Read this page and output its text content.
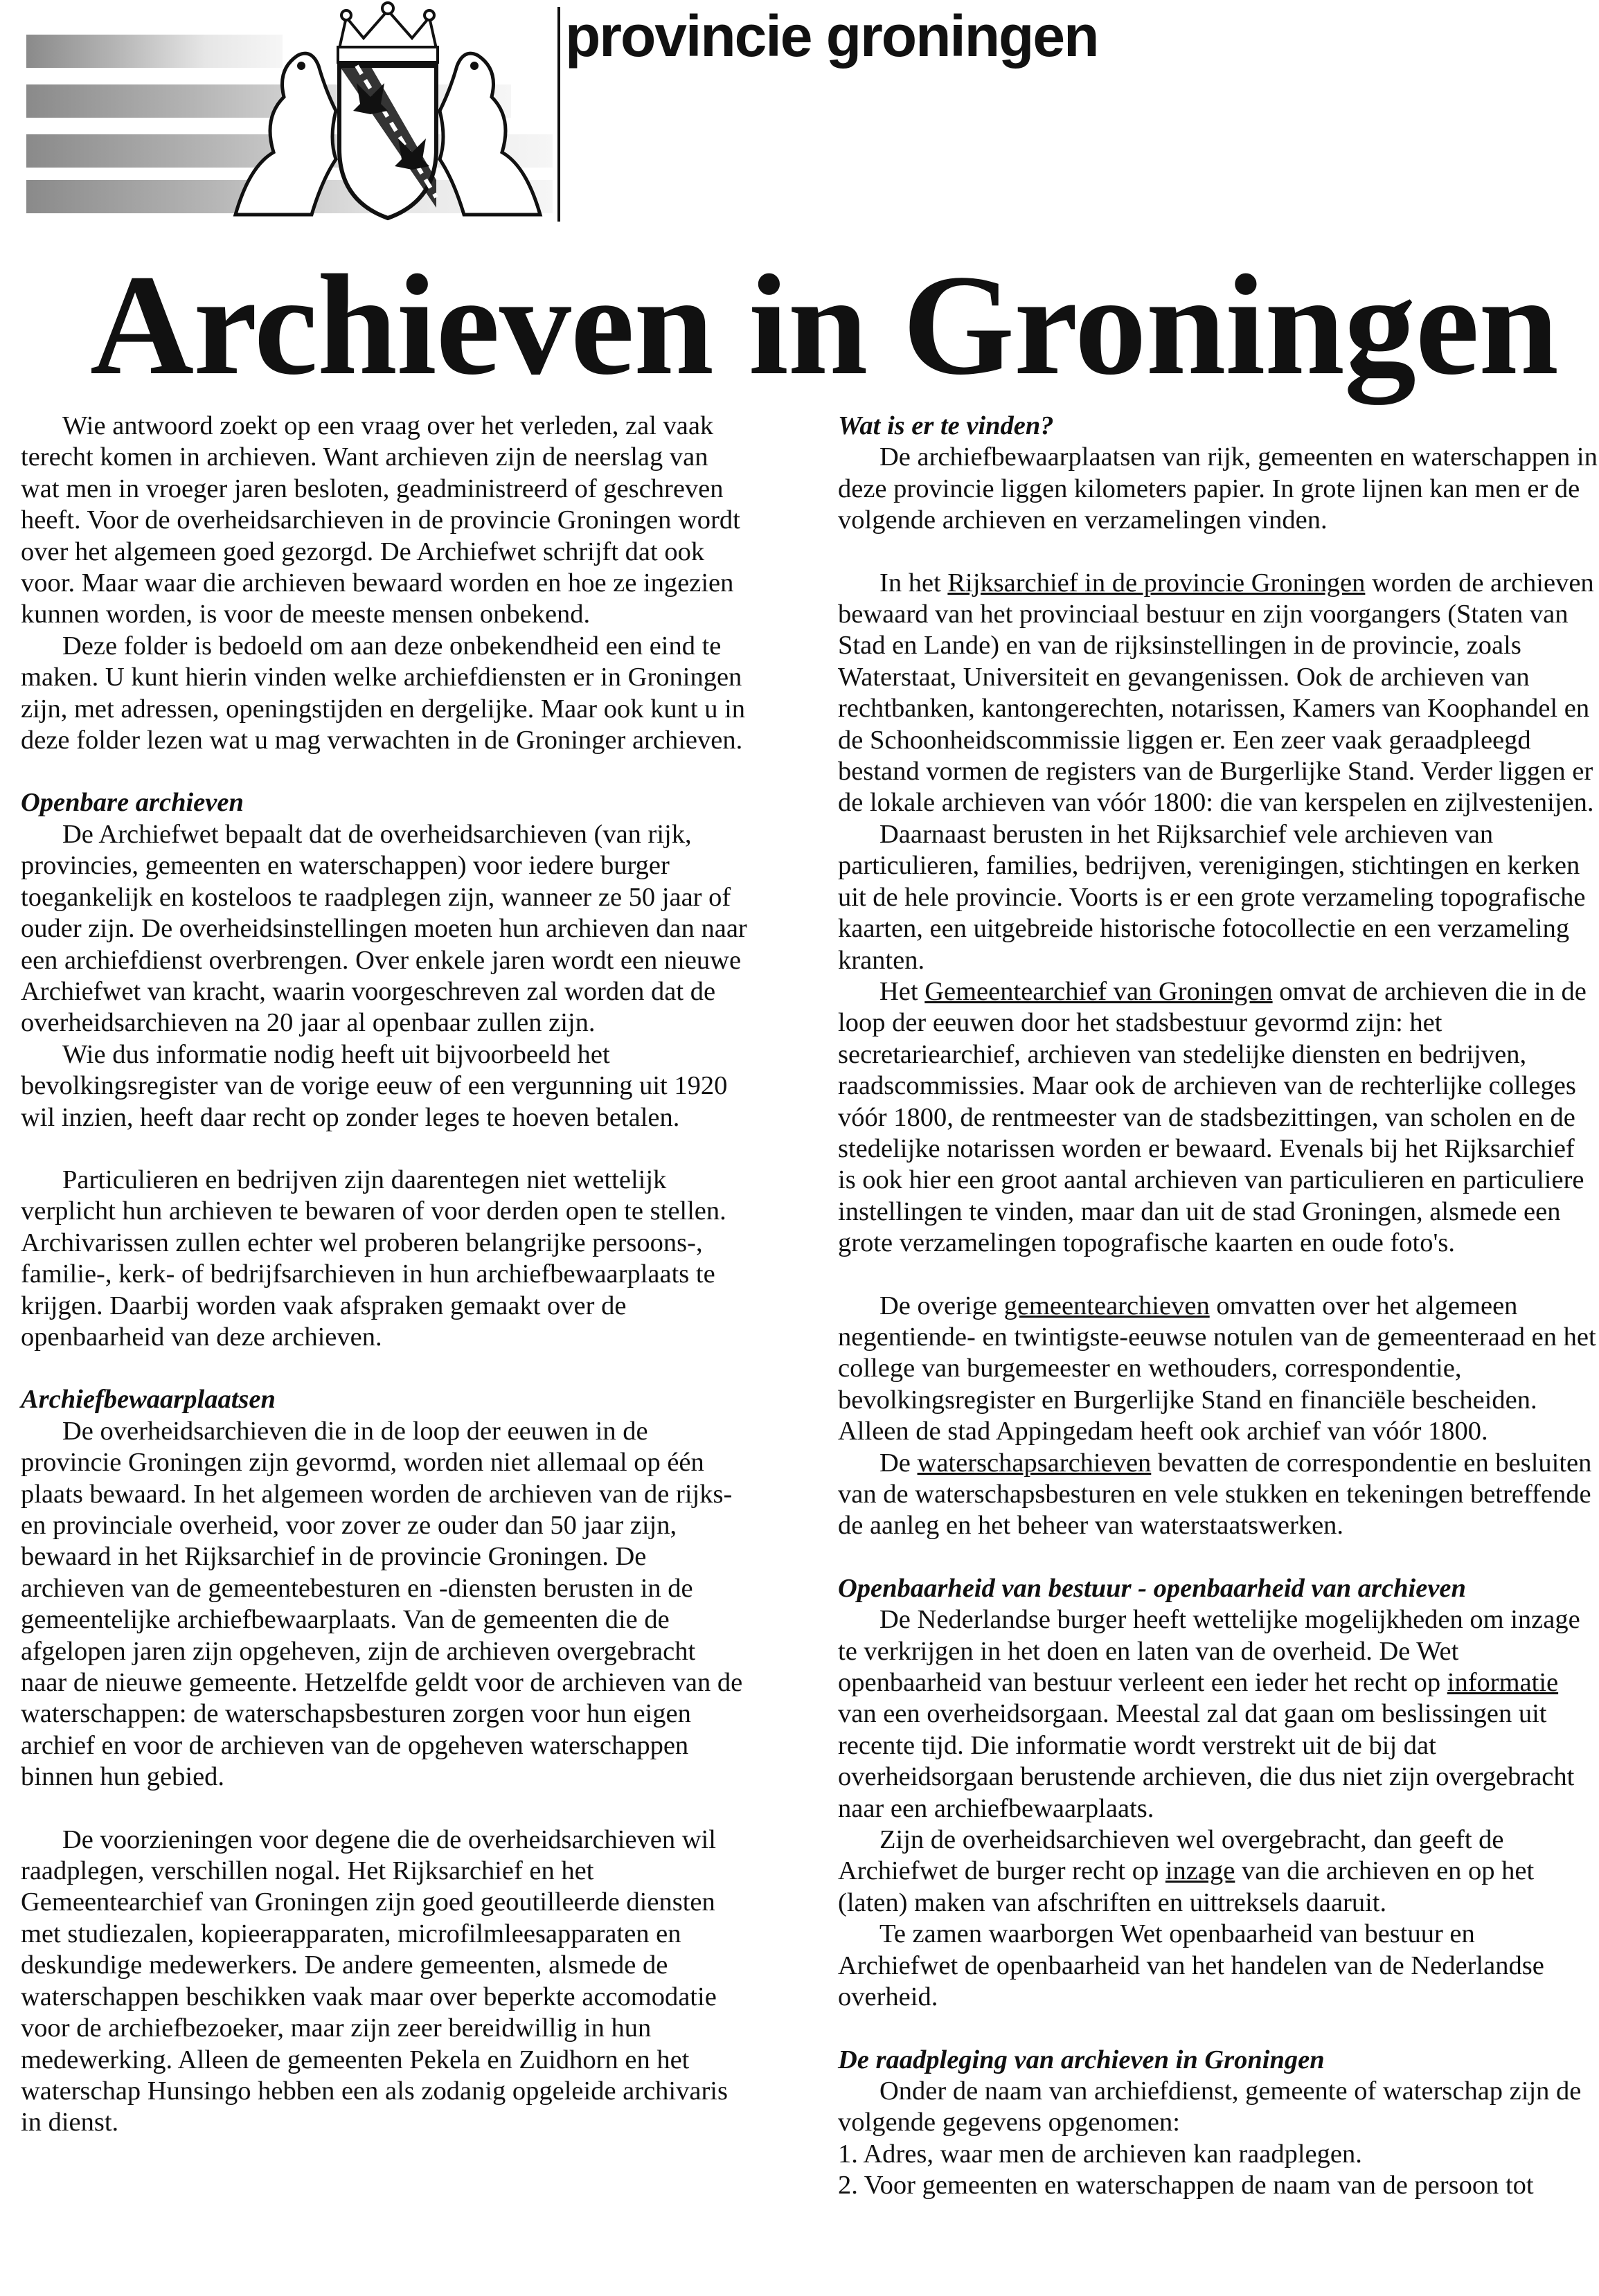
provincie groningen
Archieven in Groningen

Wie antwoord zoekt op een vraag over het verleden, zal vaak terecht komen in archieven. Want archieven zijn de neerslag van wat men in vroeger jaren besloten, geadministreerd of geschreven heeft. Voor de overheidsarchieven in de provincie Groningen wordt over het algemeen goed gezorgd. De Archiefwet schrijft dat ook voor. Maar waar die archieven bewaard worden en hoe ze ingezien kunnen worden, is voor de meeste mensen onbekend.

Deze folder is bedoeld om aan deze onbekendheid een eind te maken. U kunt hierin vinden welke archiefdiensten er in Groningen zijn, met adressen, openingstijden en dergelijke. Maar ook kunt u in deze folder lezen wat u mag verwachten in de Groninger archieven.

Openbare archieven

De Archiefwet bepaalt dat de overheidsarchieven (van rijk, provincies, gemeenten en waterschappen) voor iedere burger toegankelijk en kosteloos te raadplegen zijn, wanneer ze 50 jaar of ouder zijn. De overheidsinstellingen moeten hun archieven dan naar een archiefdienst overbrengen. Over enkele jaren wordt een nieuwe Archiefwet van kracht, waarin voorgeschreven zal worden dat de overheidsarchieven na 20 jaar al openbaar zullen zijn.

Wie dus informatie nodig heeft uit bijvoorbeeld het bevolkingsregister van de vorige eeuw of een vergunning uit 1920 wil inzien, heeft daar recht op zonder leges te hoeven betalen.

Particulieren en bedrijven zijn daarentegen niet wettelijk verplicht hun archieven te bewaren of voor derden open te stellen. Archivarissen zullen echter wel proberen belangrijke persoons-, familie-, kerk- of bedrijfsarchieven in hun archiefbewaarplaats te krijgen. Daarbij worden vaak afspraken gemaakt over de openbaarheid van deze archieven.

Archiefbewaarplaatsen

De overheidsarchieven die in de loop der eeuwen in de provincie Groningen zijn gevormd, worden niet allemaal op één plaats bewaard. In het algemeen worden de archieven van de rijks- en provinciale overheid, voor zover ze ouder dan 50 jaar zijn, bewaard in het Rijksarchief in de provincie Groningen. De archieven van de gemeentebesturen en -diensten berusten in de gemeentelijke archiefbewaarplaats. Van de gemeenten die de afgelopen jaren zijn opgeheven, zijn de archieven overgebracht naar de nieuwe gemeente. Hetzelfde geldt voor de archieven van de waterschappen: de waterschapsbesturen zorgen voor hun eigen archief en voor de archieven van de opgeheven waterschappen binnen hun gebied.

De voorzieningen voor degene die de overheidsarchieven wil raadplegen, verschillen nogal. Het Rijksarchief en het Gemeentearchief van Groningen zijn goed geoutilleerde diensten met studiezalen, kopieerapparaten, microfilmleesapparaten en deskundige medewerkers. De andere gemeenten, alsmede de waterschappen beschikken vaak maar over beperkte accomodatie voor de archiefbezoeker, maar zijn zeer bereidwillig in hun medewerking. Alleen de gemeenten Pekela en Zuidhorn en het waterschap Hunsingo hebben een als zodanig opgeleide archivaris in dienst.

Wat is er te vinden?

De archiefbewaarplaatsen van rijk, gemeenten en waterschappen in deze provincie liggen kilometers papier. In grote lijnen kan men er de volgende archieven en verzamelingen vinden.

In het Rijksarchief in de provincie Groningen worden de archieven bewaard van het provinciaal bestuur en zijn voorgangers (Staten van Stad en Lande) en van de rijksinstellingen in de provincie, zoals Waterstaat, Universiteit en gevangenissen. Ook de archieven van rechtbanken, kantongerechten, notarissen, Kamers van Koophandel en de Schoonheidscommissie liggen er. Een zeer vaak geraadpleegd bestand vormen de registers van de Burgerlijke Stand. Verder liggen er de lokale archieven van vóór 1800: die van kerspelen en zijlvestenijen.

Daarnaast berusten in het Rijksarchief vele archieven van particulieren, families, bedrijven, verenigingen, stichtingen en kerken uit de hele provincie. Voorts is er een grote verzameling topografische kaarten, een uitgebreide historische fotocollectie en een verzameling kranten.

Het Gemeentearchief van Groningen omvat de archieven die in de loop der eeuwen door het stadsbestuur gevormd zijn: het secretariearchief, archieven van stedelijke diensten en bedrijven, raadscommissies. Maar ook de archieven van de rechterlijke colleges vóór 1800, de rentmeester van de stadsbezittingen, van scholen en de stedelijke notarissen worden er bewaard. Evenals bij het Rijksarchief is ook hier een groot aantal archieven van particulieren en particuliere instellingen te vinden, maar dan uit de stad Groningen, alsmede een grote verzamelingen topografische kaarten en oude foto's.

De overige gemeentearchieven omvatten over het algemeen negentiende- en twintigste-eeuwse notulen van de gemeenteraad en het college van burgemeester en wethouders, correspondentie, bevolkingsregister en Burgerlijke Stand en financiële bescheiden. Alleen de stad Appingedam heeft ook archief van vóór 1800.

De waterschapsarchieven bevatten de correspondentie en besluiten van de waterschapsbesturen en vele stukken en tekeningen betreffende de aanleg en het beheer van waterstaatswerken.

Openbaarheid van bestuur - openbaarheid van archieven

De Nederlandse burger heeft wettelijke mogelijkheden om inzage te verkrijgen in het doen en laten van de overheid. De Wet openbaarheid van bestuur verleent een ieder het recht op informatie van een overheidsorgaan. Meestal zal dat gaan om beslissingen uit recente tijd. Die informatie wordt verstrekt uit de bij dat overheidsorgaan berustende archieven, die dus niet zijn overgebracht naar een archiefbewaarplaats.

Zijn de overheidsarchieven wel overgebracht, dan geeft de Archiefwet de burger recht op inzage van die archieven en op het (laten) maken van afschriften en uittreksels daaruit.

Te zamen waarborgen Wet openbaarheid van bestuur en Archiefwet de openbaarheid van het handelen van de Nederlandse overheid.

De raadpleging van archieven in Groningen

Onder de naam van archiefdienst, gemeente of waterschap zijn de volgende gegevens opgenomen:

1. Adres, waar men de archieven kan raadplegen.

2. Voor gemeenten en waterschappen de naam van de persoon tot
